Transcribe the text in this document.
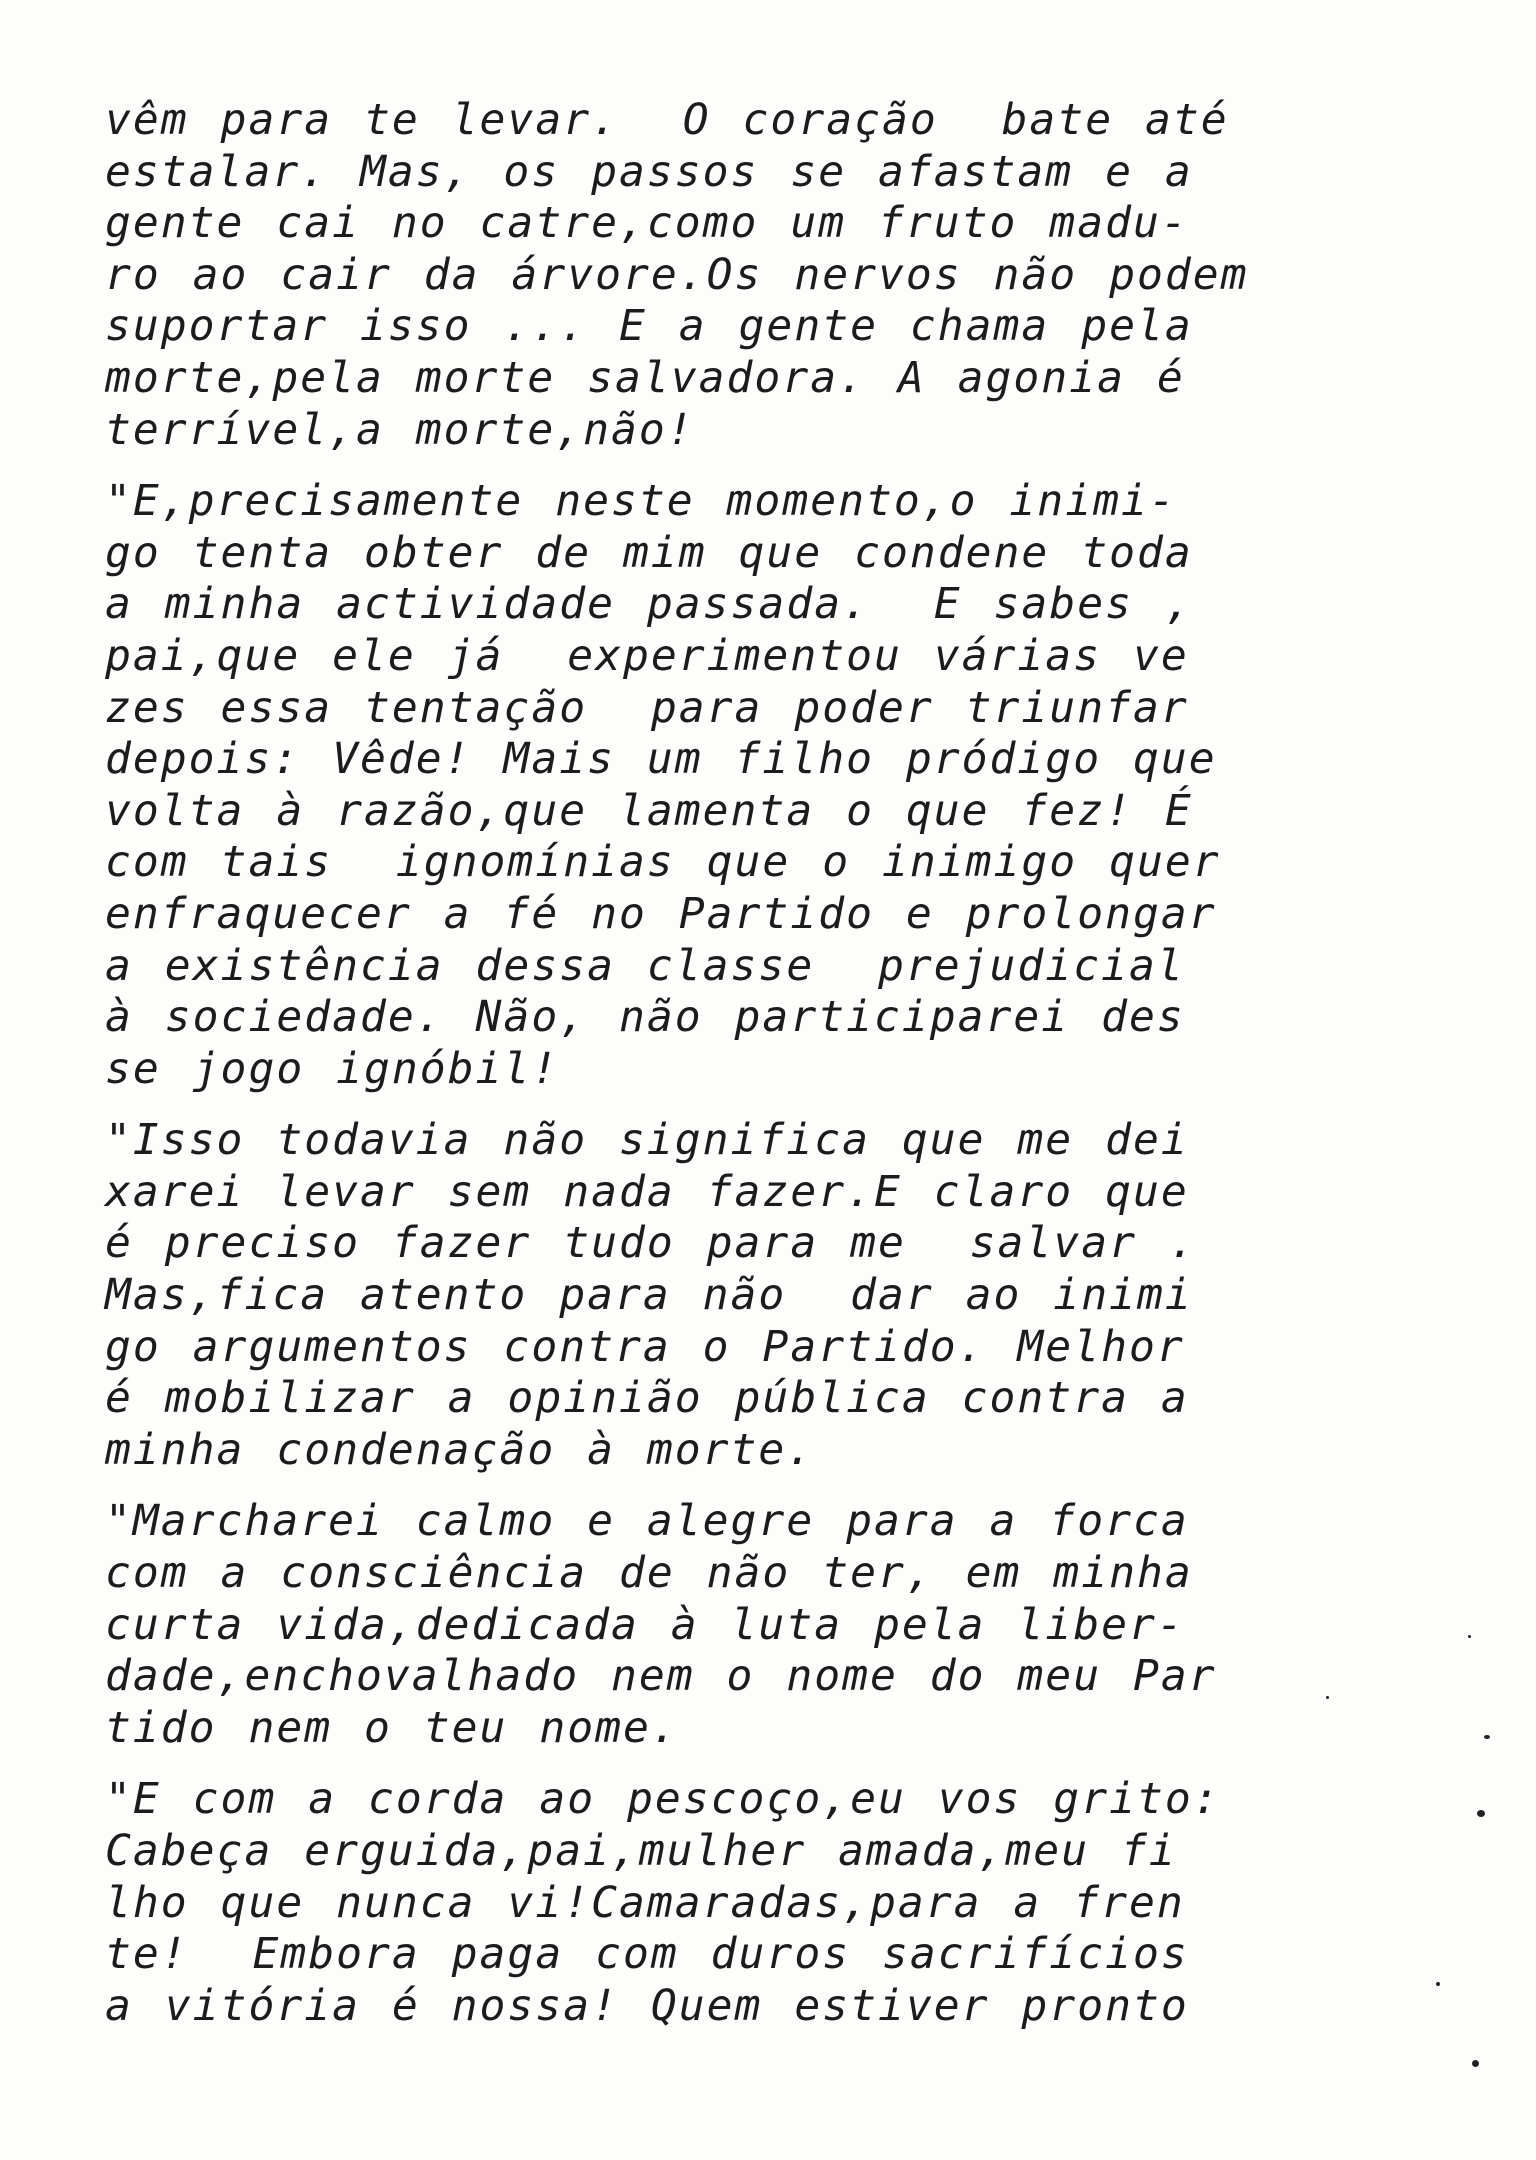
vêm para te levar.  O coração  bate até
estalar. Mas, os passos se afastam e a
gente cai no catre,como um fruto madu-
ro ao cair da árvore.Os nervos não podem
suportar isso ... E a gente chama pela
morte,pela morte salvadora. A agonia é
terrível,a morte,não!
"E,precisamente neste momento,o inimi-
go tenta obter de mim que condene toda
a minha actividade passada.  E sabes ,
pai,que ele já  experimentou várias ve
zes essa tentação  para poder triunfar
depois: Vêde! Mais um filho pródigo que
volta à razão,que lamenta o que fez! É
com tais  ignomínias que o inimigo quer
enfraquecer a fé no Partido e prolongar
a existência dessa classe  prejudicial
à sociedade. Não, não participarei des
se jogo ignóbil!
"Isso todavia não significa que me dei
xarei levar sem nada fazer.E claro que
é preciso fazer tudo para me  salvar .
Mas,fica atento para não  dar ao inimi
go argumentos contra o Partido. Melhor
é mobilizar a opinião pública contra a
minha condenação à morte.
"Marcharei calmo e alegre para a forca
com a consciência de não ter, em minha
curta vida,dedicada à luta pela liber-
dade,enchovalhado nem o nome do meu Par
tido nem o teu nome.
"E com a corda ao pescoço,eu vos grito:
Cabeça erguida,pai,mulher amada,meu fi
lho que nunca vi!Camaradas,para a fren
te!  Embora paga com duros sacrifícios
a vitória é nossa! Quem estiver pronto
